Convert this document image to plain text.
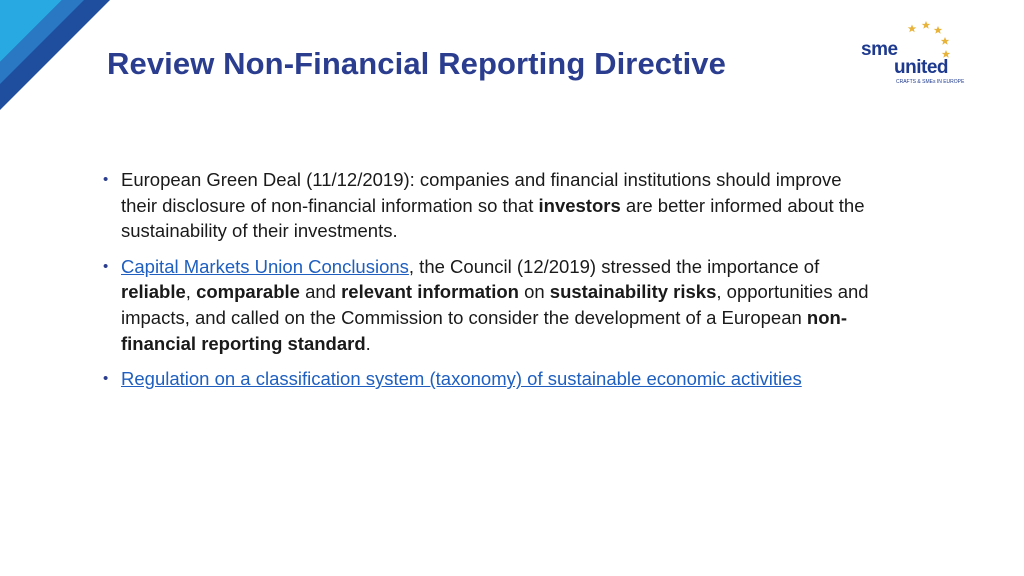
Review Non-Financial Reporting Directive	sme
united
CRAFTS & SMEs IN EUROPE
• European Green Deal (11/12/2019): companies and financial institutions should improve their disclosure of non-financial information so that investors are better informed about the sustainability of their investments.
• Capital Markets Union Conclusions, the Council (12/2019) stressed the importance of reliable, comparable and relevant information on sustainability risks, opportunities and impacts, and called on the Commission to consider the development of a European non-financial reporting standard.
• Regulation on a classification system (taxonomy) of sustainable economic activities
